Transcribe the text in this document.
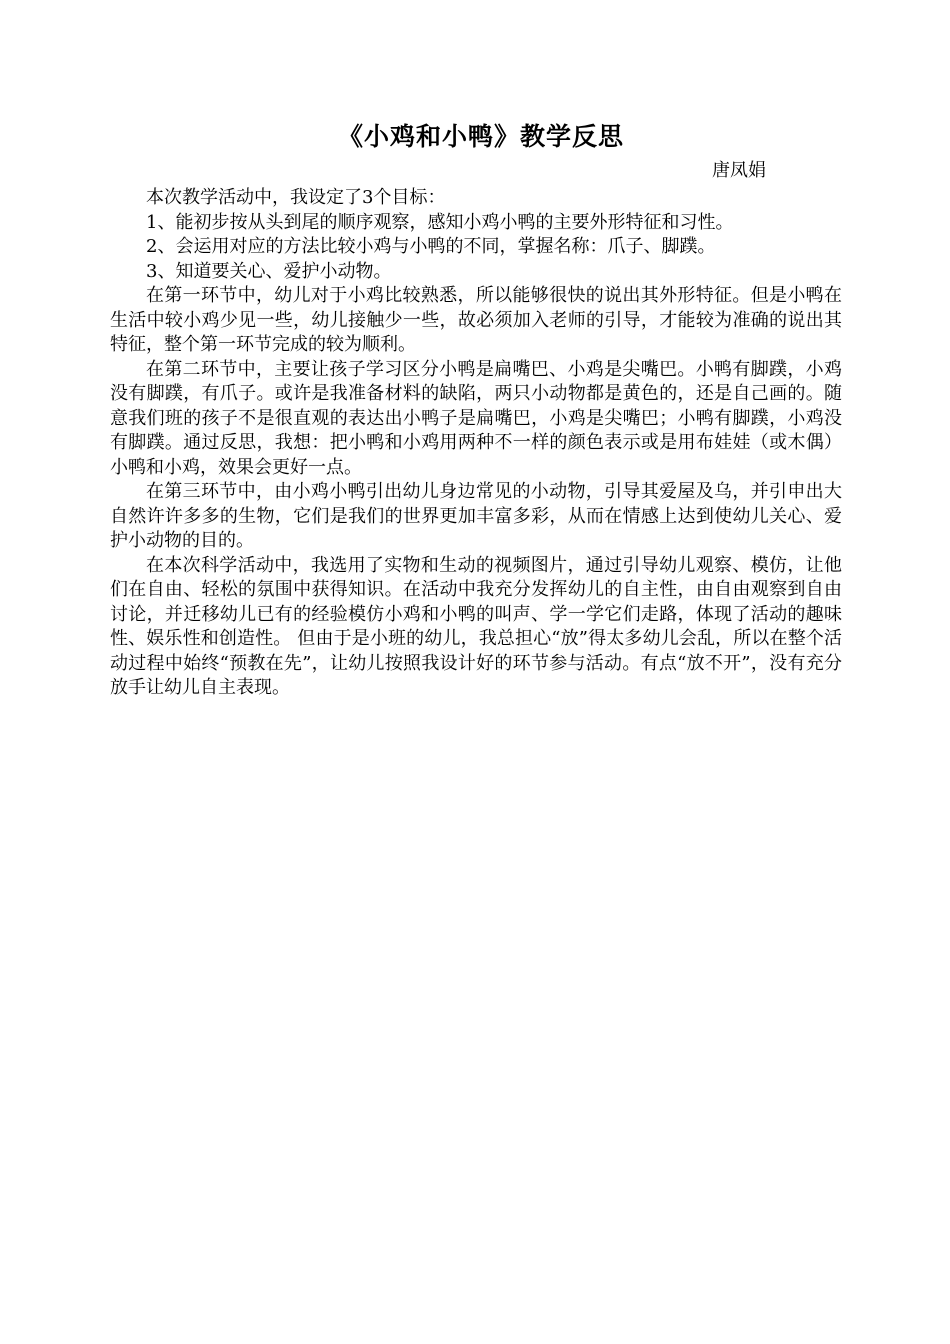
《小鸡和小鸭》教学反思

唐凤娟

本次教学活动中，我设定了3个目标：

1、能初步按从头到尾的顺序观察，感知小鸡小鸭的主要外形特征和习性。

2、会运用对应的方法比较小鸡与小鸭的不同，掌握名称：爪子、脚蹼。

3、知道要关心、爱护小动物。

在第一环节中，幼儿对于小鸡比较熟悉，所以能够很快的说出其外形特征。但是小鸭在生活中较小鸡少见一些，幼儿接触少一些，故必须加入老师的引导，才能较为准确的说出其特征，整个第一环节完成的较为顺利。

在第二环节中，主要让孩子学习区分小鸭是扁嘴巴、小鸡是尖嘴巴。小鸭有脚蹼，小鸡没有脚蹼，有爪子。或许是我准备材料的缺陷，两只小动物都是黄色的，还是自己画的。随意我们班的孩子不是很直观的表达出小鸭子是扁嘴巴，小鸡是尖嘴巴；小鸭有脚蹼，小鸡没有脚蹼。通过反思，我想：把小鸭和小鸡用两种不一样的颜色表示或是用布娃娃（或木偶）小鸭和小鸡，效果会更好一点。

在第三环节中，由小鸡小鸭引出幼儿身边常见的小动物，引导其爱屋及乌，并引申出大自然许许多多的生物，它们是我们的世界更加丰富多彩，从而在情感上达到使幼儿关心、爱护小动物的目的。

在本次科学活动中，我选用了实物和生动的视频图片，通过引导幼儿观察、模仿，让他们在自由、轻松的氛围中获得知识。在活动中我充分发挥幼儿的自主性，由自由观察到自由讨论，并迁移幼儿已有的经验模仿小鸡和小鸭的叫声、学一学它们走路，体现了活动的趣味性、娱乐性和创造性。 但由于是小班的幼儿，我总担心“放”得太多幼儿会乱，所以在整个活动过程中始终“预教在先”，让幼儿按照我设计好的环节参与活动。有点“放不开”，没有充分放手让幼儿自主表现。
